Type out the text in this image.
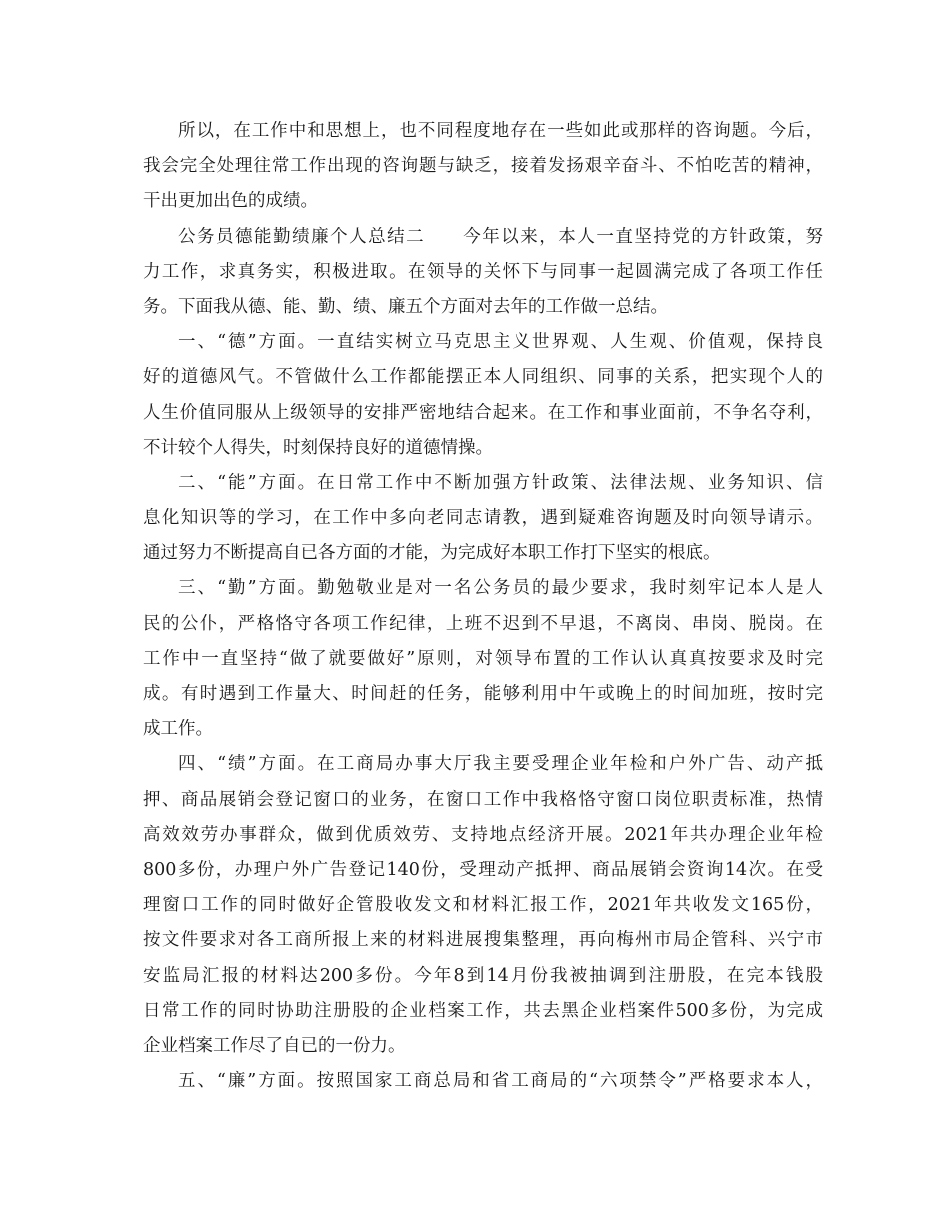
所以，在工作中和思想上，也不同程度地存在一些如此或那样的咨询题。今后，
我会完全处理往常工作出现的咨询题与缺乏，接着发扬艰辛奋斗、不怕吃苦的精神，
干出更加出色的成绩。
公务员德能勤绩廉个人总结二　　今年以来，本人一直坚持党的方针政策，努
力工作，求真务实，积极进取。在领导的关怀下与同事一起圆满完成了各项工作任
务。下面我从德、能、勤、绩、廉五个方面对去年的工作做一总结。
一、“德”方面。一直结实树立马克思主义世界观、人生观、价值观，保持良
好的道德风气。不管做什么工作都能摆正本人同组织、同事的关系，把实现个人的
人生价值同服从上级领导的安排严密地结合起来。在工作和事业面前，不争名夺利，
不计较个人得失，时刻保持良好的道德情操。
二、“能”方面。在日常工作中不断加强方针政策、法律法规、业务知识、信
息化知识等的学习，在工作中多向老同志请教，遇到疑难咨询题及时向领导请示。
通过努力不断提高自已各方面的才能，为完成好本职工作打下坚实的根底。
三、“勤”方面。勤勉敬业是对一名公务员的最少要求，我时刻牢记本人是人
民的公仆，严格恪守各项工作纪律，上班不迟到不早退，不离岗、串岗、脱岗。在
工作中一直坚持“做了就要做好”原则，对领导布置的工作认认真真按要求及时完
成。有时遇到工作量大、时间赶的任务，能够利用中午或晚上的时间加班，按时完
成工作。
四、“绩”方面。在工商局办事大厅我主要受理企业年检和户外广告、动产抵
押、商品展销会登记窗口的业务，在窗口工作中我格恪守窗口岗位职责标准，热情
高效效劳办事群众，做到优质效劳、支持地点经济开展。2021年共办理企业年检
800多份，办理户外广告登记140份，受理动产抵押、商品展销会资询14次。在受
理窗口工作的同时做好企管股收发文和材料汇报工作，2021年共收发文165份，
按文件要求对各工商所报上来的材料进展搜集整理，再向梅州市局企管科、兴宁市
安监局汇报的材料达200多份。今年8到14月份我被抽调到注册股，在完本钱股
日常工作的同时协助注册股的企业档案工作，共去黑企业档案件500多份，为完成
企业档案工作尽了自已的一份力。
五、“廉”方面。按照国家工商总局和省工商局的“六项禁令”严格要求本人，
